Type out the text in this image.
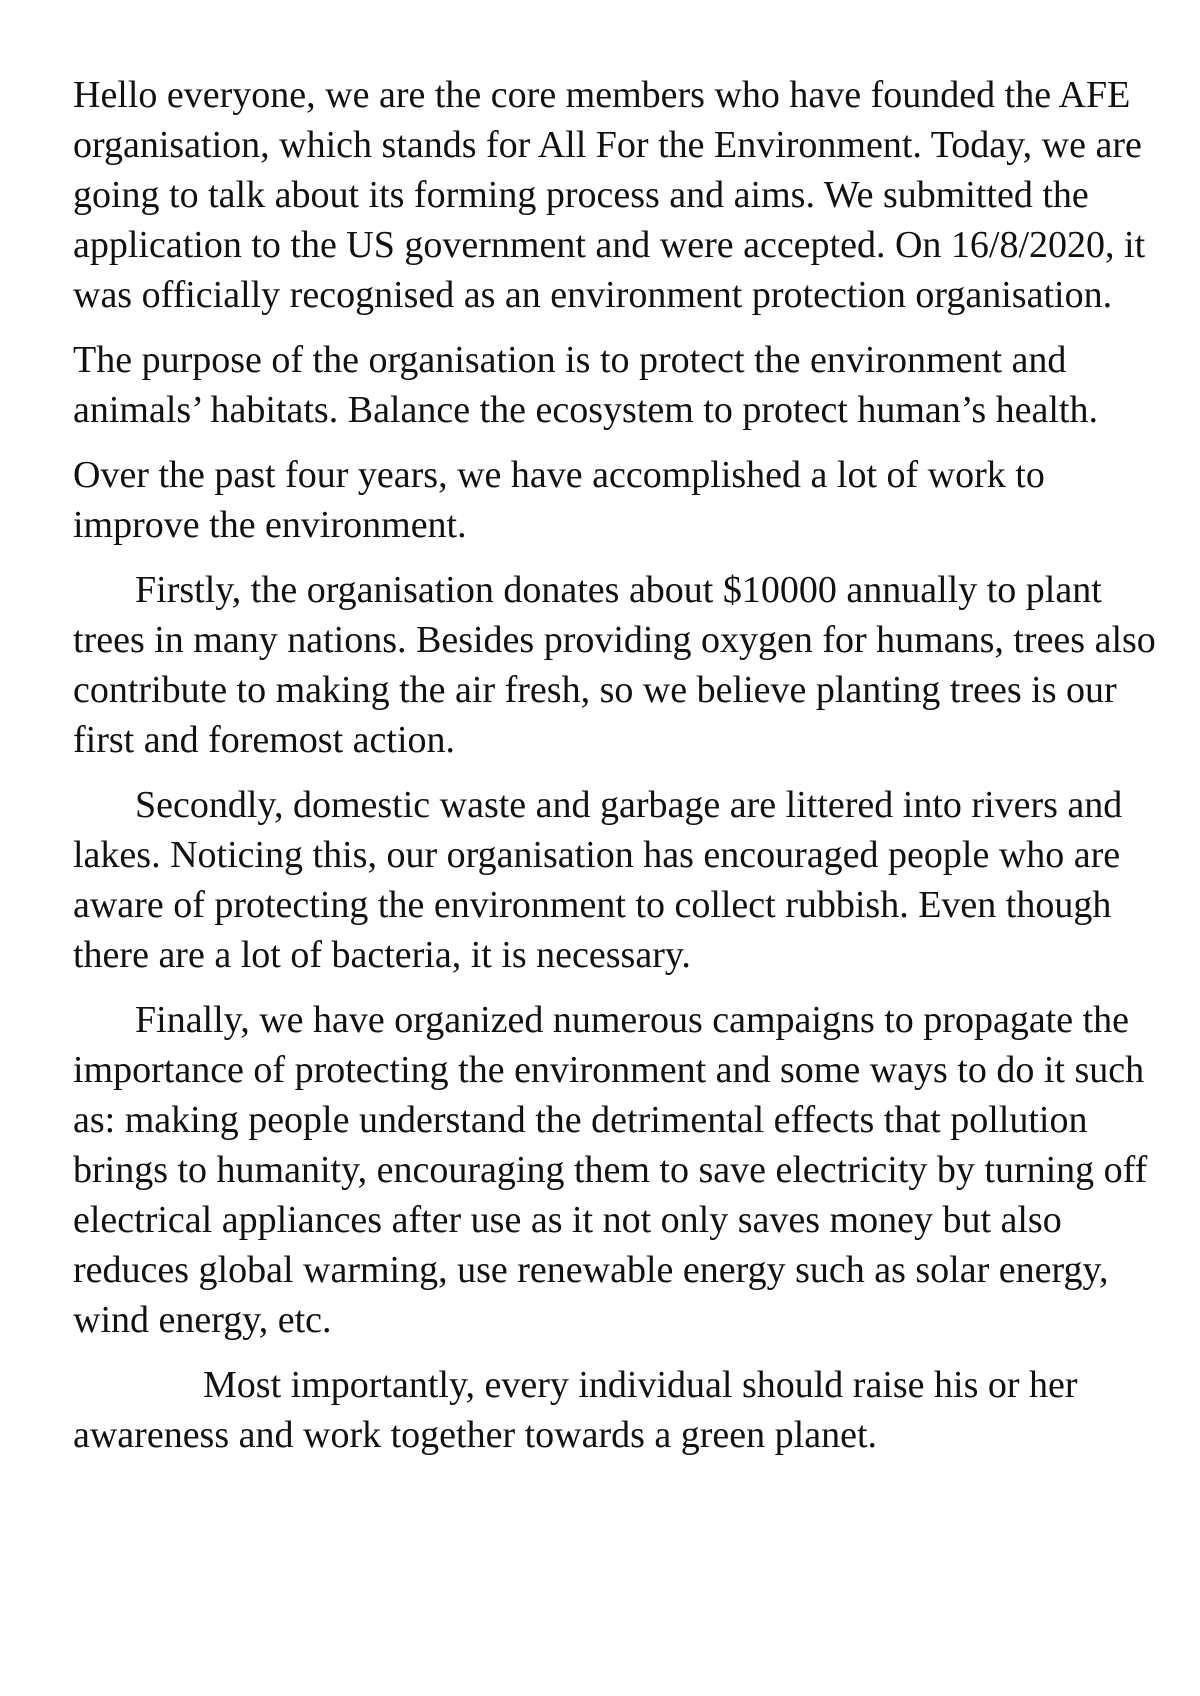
Hello everyone, we are the core members who have founded the AFE organisation, which stands for All For the Environment. Today, we are going to talk about its forming process and aims. We submitted the application to the US government and were accepted. On 16/8/2020, it was officially recognised as an environment protection organisation.

The purpose of the organisation is to protect the environment and animals’ habitats. Balance the ecosystem to protect human’s health.

Over the past four years, we have accomplished a lot of work to improve the environment.

Firstly, the organisation donates about $10000 annually to plant trees in many nations. Besides providing oxygen for humans, trees also contribute to making the air fresh, so we believe planting trees is our first and foremost action.

Secondly, domestic waste and garbage are littered into rivers and lakes. Noticing this, our organisation has encouraged people who are aware of protecting the environment to collect rubbish. Even though there are a lot of bacteria, it is necessary.

Finally, we have organized numerous campaigns to propagate the importance of protecting the environment and some ways to do it such as: making people understand the detrimental effects that pollution brings to humanity, encouraging them to save electricity by turning off electrical appliances after use as it not only saves money but also reduces global warming, use renewable energy such as solar energy, wind energy, etc.

Most importantly, every individual should raise his or her awareness and work together towards a green planet.
